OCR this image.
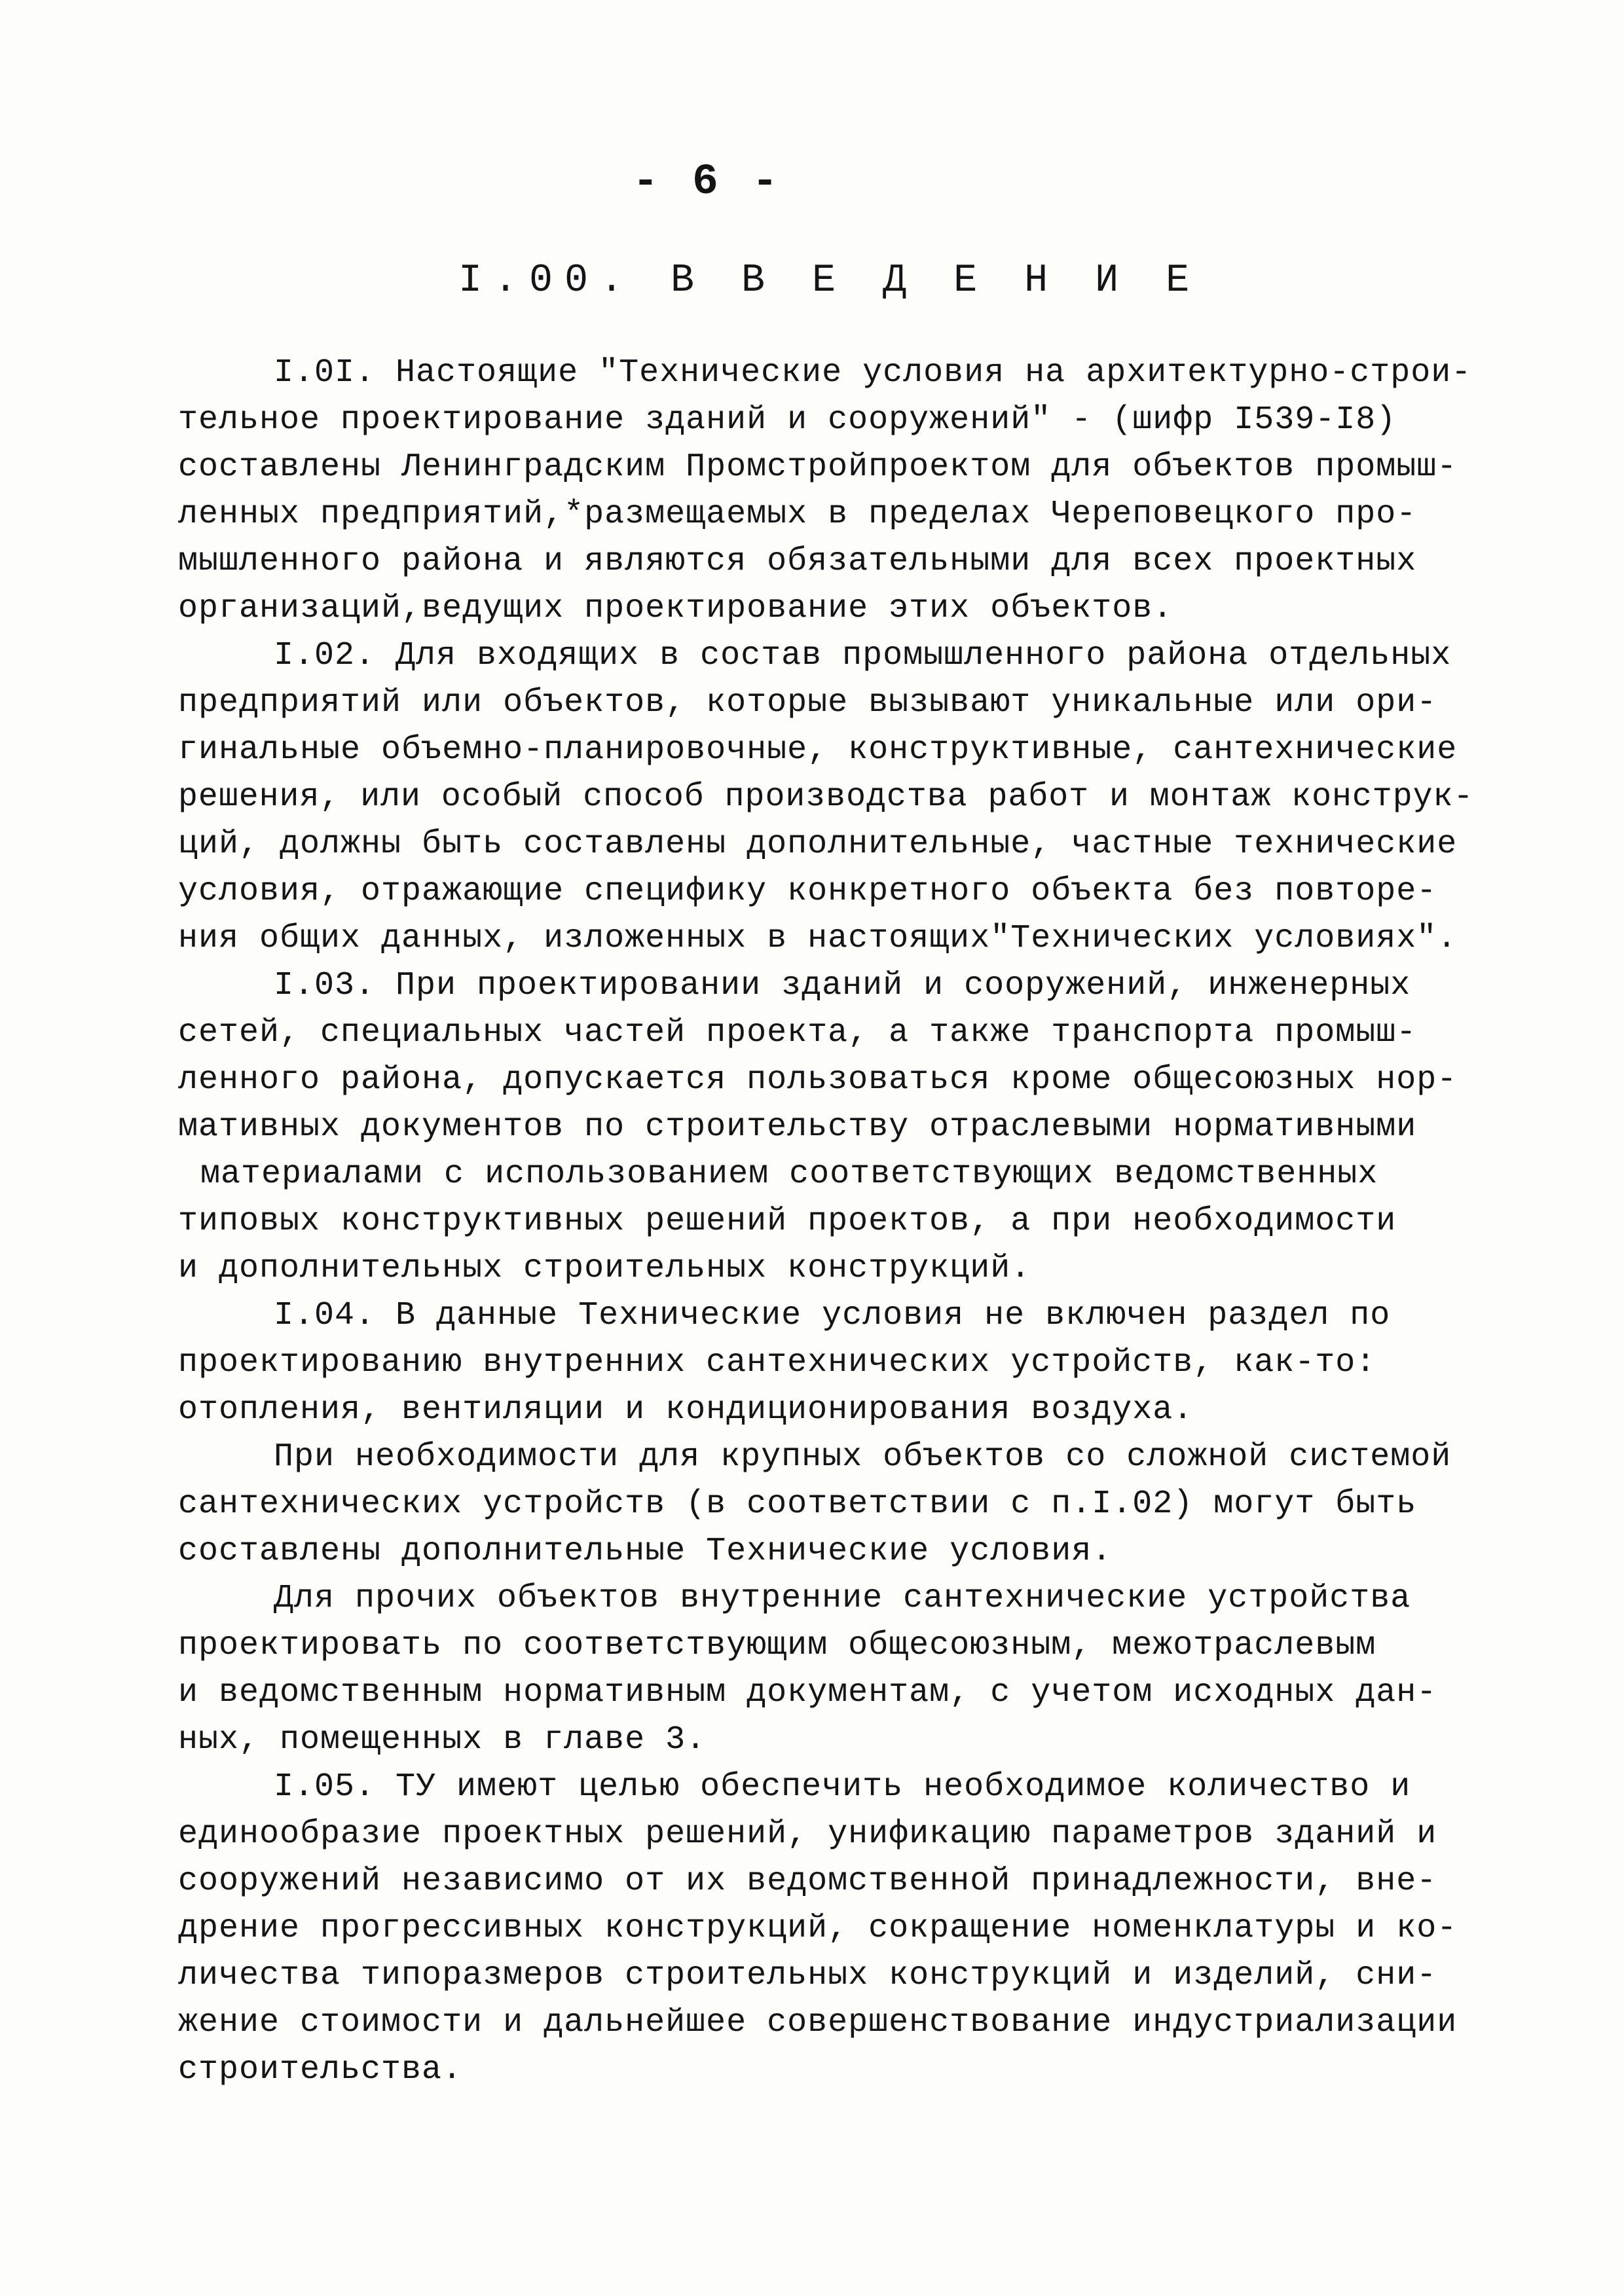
- 6 -
I.00. В В Е Д Е Н И Е
I.0I. Настоящие "Технические условия на архитектурно-строи-
тельное проектирование зданий и сооружений" - (шифр I539-I8)
составлены Ленинградским Промстройпроектом для объектов промыш-
ленных предприятий,*размещаемых в пределах Череповецкого про-
мышленного района и являются обязательными для всех проектных
организаций,ведущих проектирование этих объектов.
I.02. Для входящих в состав промышленного района отдельных
предприятий или объектов, которые вызывают уникальные или ори-
гинальные объемно-планировочные, конструктивные, сантехнические
решения, или особый способ производства работ и монтаж конструк-
ций, должны быть составлены дополнительные, частные технические
условия, отражающие специфику конкретного объекта без повторе-
ния общих данных, изложенных в настоящих"Технических условиях".
I.03. При проектировании зданий и сооружений, инженерных
сетей, специальных частей проекта, а также транспорта промыш-
ленного района, допускается пользоваться кроме общесоюзных нор-
мативных документов по строительству отраслевыми нормативными
материалами с использованием соответствующих ведомственных
типовых конструктивных решений проектов, а при необходимости
и дополнительных строительных конструкций.
I.04. В данные Технические условия не включен раздел по
проектированию внутренних сантехнических устройств, как-то:
отопления, вентиляции и кондиционирования воздуха.
При необходимости для крупных объектов со сложной системой
сантехнических устройств (в соответствии с п.I.02) могут быть
составлены дополнительные Технические условия.
Для прочих объектов внутренние сантехнические устройства
проектировать по соответствующим общесоюзным, межотраслевым
и ведомственным нормативным документам, с учетом исходных дан-
ных, помещенных в главе 3.
I.05. ТУ имеют целью обеспечить необходимое количество и
единообразие проектных решений, унификацию параметров зданий и
сооружений независимо от их ведомственной принадлежности, вне-
дрение прогрессивных конструкций, сокращение номенклатуры и ко-
личества типоразмеров строительных конструкций и изделий, сни-
жение стоимости и дальнейшее совершенствование индустриализации
строительства.
